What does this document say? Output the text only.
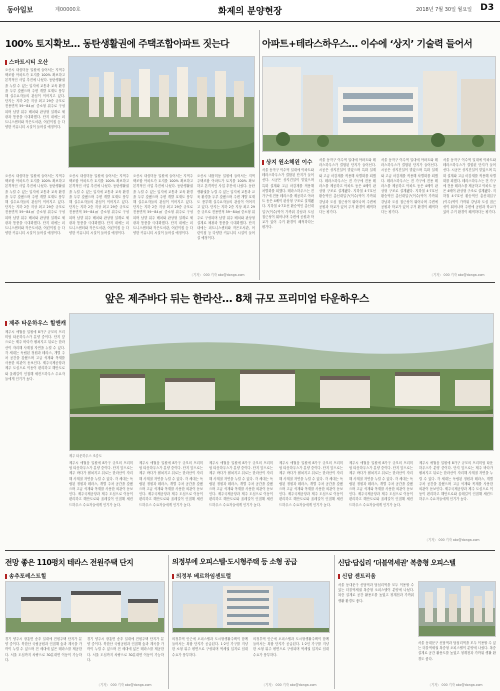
동아일보	제00000호	화제의 분양현장	2018년 7월 30일 월요일 D3
100% 토지확보… 동탄생활권에 주택조합아파트 짓는다
스마트시티 오산
오산시 내삼미동 일원에 들어서는 지역주택조합 아파트가 토지를 100% 확보하고 본격적인 사업 추진에 나섰다. 동탄생활권을 누릴 수 있는 입지에 교통과 교육 환경을 두루 갖췄으며 주변 개발 호재도 풍부해 실수요자들의 관심이 이어지고 있다. 단지는 지하 2층 지상 최고 29층 규모로 전용면적 59~84㎡ 중소형 위주로 구성되며 남향 위주 배치와 판상형 설계로 채광과 통풍을 극대화했다. 단지 내에는 피트니스센터와 작은도서관, 어린이집 등 다양한 커뮤니티 시설이 들어설 예정이다.
오산시 내삼미동 일원에 들어서는 지역주택조합 아파트가 토지를 100% 확보하고 본격적인 사업 추진에 나섰다. 동탄생활권을 누릴 수 있는 입지에 교통과 교육 환경을 두루 갖췄으며 주변 개발 호재도 풍부해 실수요자들의 관심이 이어지고 있다. 단지는 지하 2층 지상 최고 29층 규모로 전용면적 59~84㎡ 중소형 위주로 구성되며 남향 위주 배치와 판상형 설계로 채광과 통풍을 극대화했다. 단지 내에는 피트니스센터와 작은도서관, 어린이집 등 다양한 커뮤니티 시설이 들어설 예정이다.
오산시 내삼미동 일원에 들어서는 지역주택조합 아파트가 토지를 100% 확보하고 본격적인 사업 추진에 나섰다. 동탄생활권을 누릴 수 있는 입지에 교통과 교육 환경을 두루 갖췄으며 주변 개발 호재도 풍부해 실수요자들의 관심이 이어지고 있다. 단지는 지하 2층 지상 최고 29층 규모로 전용면적 59~84㎡ 중소형 위주로 구성되며 남향 위주 배치와 판상형 설계로 채광과 통풍을 극대화했다. 단지 내에는 피트니스센터와 작은도서관, 어린이집 등 다양한 커뮤니티 시설이 들어설 예정이다.
오산시 내삼미동 일원에 들어서는 지역주택조합 아파트가 토지를 100% 확보하고 본격적인 사업 추진에 나섰다. 동탄생활권을 누릴 수 있는 입지에 교통과 교육 환경을 두루 갖췄으며 주변 개발 호재도 풍부해 실수요자들의 관심이 이어지고 있다. 단지는 지하 2층 지상 최고 29층 규모로 전용면적 59~84㎡ 중소형 위주로 구성되며 남향 위주 배치와 판상형 설계로 채광과 통풍을 극대화했다. 단지 내에는 피트니스센터와 작은도서관, 어린이집 등 다양한 커뮤니티 시설이 들어설 예정이다.
오산시 내삼미동 일원에 들어서는 지역주택조합 아파트가 토지를 100% 확보하고 본격적인 사업 추진에 나섰다. 동탄생활권을 누릴 수 있는 입지에 교통과 교육 환경을 두루 갖췄으며 주변 개발 호재도 풍부해 실수요자들의 관심이 이어지고 있다. 단지는 지하 2층 지상 최고 29층 규모로 전용면적 59~84㎡ 중소형 위주로 구성되며 남향 위주 배치와 판상형 설계로 채광과 통풍을 극대화했다. 단지 내에는 피트니스센터와 작은도서관, 어린이집 등 다양한 커뮤니티 시설이 들어설 예정이다.
〈기자〉 000 기자 abc@donga.com
아파트+테라스하우스… 이수에 ‘상지’ 기술력 들어서
상지 원소헤윈 이수
서울 동작구 이수역 일대에 아파트와 테라스하우스가 결합된 단지가 들어선다. 시공은 상지건설이 맡았으며 특화 설계와 고급 마감재를 적용해 차별화를 꾀했다. 테라스하우스는 전 가구에 전용 테라스를 제공하고 아파트 동은 4베이 판상형 구조로 설계됐다. 지하철 4·7호선 환승역인 총신대입구(이수)역이 가까워 강남과 도심 접근성이 뛰어나며 주변에 공원과 학교가 있어 주거 환경이 쾌적하다는 평가다.
서울 동작구 이수역 일대에 아파트와 테라스하우스가 결합된 단지가 들어선다. 시공은 상지건설이 맡았으며 특화 설계와 고급 마감재를 적용해 차별화를 꾀했다. 테라스하우스는 전 가구에 전용 테라스를 제공하고 아파트 동은 4베이 판상형 구조로 설계됐다. 지하철 4·7호선 환승역인 총신대입구(이수)역이 가까워 강남과 도심 접근성이 뛰어나며 주변에 공원과 학교가 있어 주거 환경이 쾌적하다는 평가다.
서울 동작구 이수역 일대에 아파트와 테라스하우스가 결합된 단지가 들어선다. 시공은 상지건설이 맡았으며 특화 설계와 고급 마감재를 적용해 차별화를 꾀했다. 테라스하우스는 전 가구에 전용 테라스를 제공하고 아파트 동은 4베이 판상형 구조로 설계됐다. 지하철 4·7호선 환승역인 총신대입구(이수)역이 가까워 강남과 도심 접근성이 뛰어나며 주변에 공원과 학교가 있어 주거 환경이 쾌적하다는 평가다.
서울 동작구 이수역 일대에 아파트와 테라스하우스가 결합된 단지가 들어선다. 시공은 상지건설이 맡았으며 특화 설계와 고급 마감재를 적용해 차별화를 꾀했다. 테라스하우스는 전 가구에 전용 테라스를 제공하고 아파트 동은 4베이 판상형 구조로 설계됐다. 지하철 4·7호선 환승역인 총신대입구(이수)역이 가까워 강남과 도심 접근성이 뛰어나며 주변에 공원과 학교가 있어 주거 환경이 쾌적하다는 평가다.
〈기자〉 000 기자 abc@donga.com
앞은 제주바다 뒤는 한라산… 8채 규모 프리미엄 타운하우스
제주 타운하우스 힐앤캐
제주시 애월읍 일원에 8가구 규모의 프리미엄 타운하우스가 분양 중이다. 단지 앞으로는 제주 바다가 펼쳐지고 뒤로는 한라산이 자리해 사계절 자연을 누릴 수 있다. 각 세대는 독립된 정원과 테라스, 개별 주차 공간을 갖췄으며 고급 석재와 목재를 사용한 외관이 돋보인다. 제주국제공항과 제주 도심으로 이동이 편리하고 해안도로와 올레길이 인접해 세컨드하우스 수요자들에게 인기가 높다.
제주 타운하우스 조감도
제주시 애월읍 일원에 8가구 규모의 프리미엄 타운하우스가 분양 중이다. 단지 앞으로는 제주 바다가 펼쳐지고 뒤로는 한라산이 자리해 사계절 자연을 누릴 수 있다. 각 세대는 독립된 정원과 테라스, 개별 주차 공간을 갖췄으며 고급 석재와 목재를 사용한 외관이 돋보인다. 제주국제공항과 제주 도심으로 이동이 편리하고 해안도로와 올레길이 인접해 세컨드하우스 수요자들에게 인기가 높다.
제주시 애월읍 일원에 8가구 규모의 프리미엄 타운하우스가 분양 중이다. 단지 앞으로는 제주 바다가 펼쳐지고 뒤로는 한라산이 자리해 사계절 자연을 누릴 수 있다. 각 세대는 독립된 정원과 테라스, 개별 주차 공간을 갖췄으며 고급 석재와 목재를 사용한 외관이 돋보인다. 제주국제공항과 제주 도심으로 이동이 편리하고 해안도로와 올레길이 인접해 세컨드하우스 수요자들에게 인기가 높다.
제주시 애월읍 일원에 8가구 규모의 프리미엄 타운하우스가 분양 중이다. 단지 앞으로는 제주 바다가 펼쳐지고 뒤로는 한라산이 자리해 사계절 자연을 누릴 수 있다. 각 세대는 독립된 정원과 테라스, 개별 주차 공간을 갖췄으며 고급 석재와 목재를 사용한 외관이 돋보인다. 제주국제공항과 제주 도심으로 이동이 편리하고 해안도로와 올레길이 인접해 세컨드하우스 수요자들에게 인기가 높다.
제주시 애월읍 일원에 8가구 규모의 프리미엄 타운하우스가 분양 중이다. 단지 앞으로는 제주 바다가 펼쳐지고 뒤로는 한라산이 자리해 사계절 자연을 누릴 수 있다. 각 세대는 독립된 정원과 테라스, 개별 주차 공간을 갖췄으며 고급 석재와 목재를 사용한 외관이 돋보인다. 제주국제공항과 제주 도심으로 이동이 편리하고 해안도로와 올레길이 인접해 세컨드하우스 수요자들에게 인기가 높다.
제주시 애월읍 일원에 8가구 규모의 프리미엄 타운하우스가 분양 중이다. 단지 앞으로는 제주 바다가 펼쳐지고 뒤로는 한라산이 자리해 사계절 자연을 누릴 수 있다. 각 세대는 독립된 정원과 테라스, 개별 주차 공간을 갖췄으며 고급 석재와 목재를 사용한 외관이 돋보인다. 제주국제공항과 제주 도심으로 이동이 편리하고 해안도로와 올레길이 인접해 세컨드하우스 수요자들에게 인기가 높다.
제주시 애월읍 일원에 8가구 규모의 프리미엄 타운하우스가 분양 중이다. 단지 앞으로는 제주 바다가 펼쳐지고 뒤로는 한라산이 자리해 사계절 자연을 누릴 수 있다. 각 세대는 독립된 정원과 테라스, 개별 주차 공간을 갖췄으며 고급 석재와 목재를 사용한 외관이 돋보인다. 제주국제공항과 제주 도심으로 이동이 편리하고 해안도로와 올레길이 인접해 세컨드하우스 수요자들에게 인기가 높다.
〈기자〉 000 기자 abc@donga.com
전망 좋은 110평치 테라스 전원주택 단지
송추포레스트힐
경기 양주시 장흥면 송추 일대에 전원주택 단지가 분양 중이다. 북한산 국립공원과 인접해 숲과 계곡을 가까이 누릴 수 있으며 전 세대에 넓은 테라스를 제공한다. 서울 도심까지 차량으로 30분대면 이동이 가능하다.
경기 양주시 장흥면 송추 일대에 전원주택 단지가 분양 중이다. 북한산 국립공원과 인접해 숲과 계곡을 가까이 누릴 수 있으며 전 세대에 넓은 테라스를 제공한다. 서울 도심까지 차량으로 30분대면 이동이 가능하다.
〈기자〉 000 기자 abc@donga.com
의정부에 오피스텔·도시형주택 등 소형 공급
의정부 베르하임센트럴
의정부역 인근에 오피스텔과 도시형생활주택이 함께 들어서는 복합 단지가 공급된다. 1·2인 가구를 겨냥한 소형 위주 평면으로 구성되며 역세권 입지로 임대 수요가 풍부하다.
의정부역 인근에 오피스텔과 도시형생활주택이 함께 들어서는 복합 단지가 공급된다. 1·2인 가구를 겨냥한 소형 위주 평면으로 구성되며 역세권 입지로 임대 수요가 풍부하다.
〈기자〉 000 기자 abc@donga.com
신답·답십리 ‘더블역세권’ 복층형 오피스텔
신답 센트리움
서울 동대문구 신답역과 답십리역을 모두 이용할 수 있는 더블역세권 복층형 오피스텔이 분양에 나섰다. 복층 설계로 공간 활용도를 높였고 청계천과 가까워 생활 환경도 좋다.
서울 동대문구 신답역과 답십리역을 모두 이용할 수 있는 더블역세권 복층형 오피스텔이 분양에 나섰다. 복층 설계로 공간 활용도를 높였고 청계천과 가까워 생활 환경도 좋다.
〈기자〉 000 기자 abc@donga.com
